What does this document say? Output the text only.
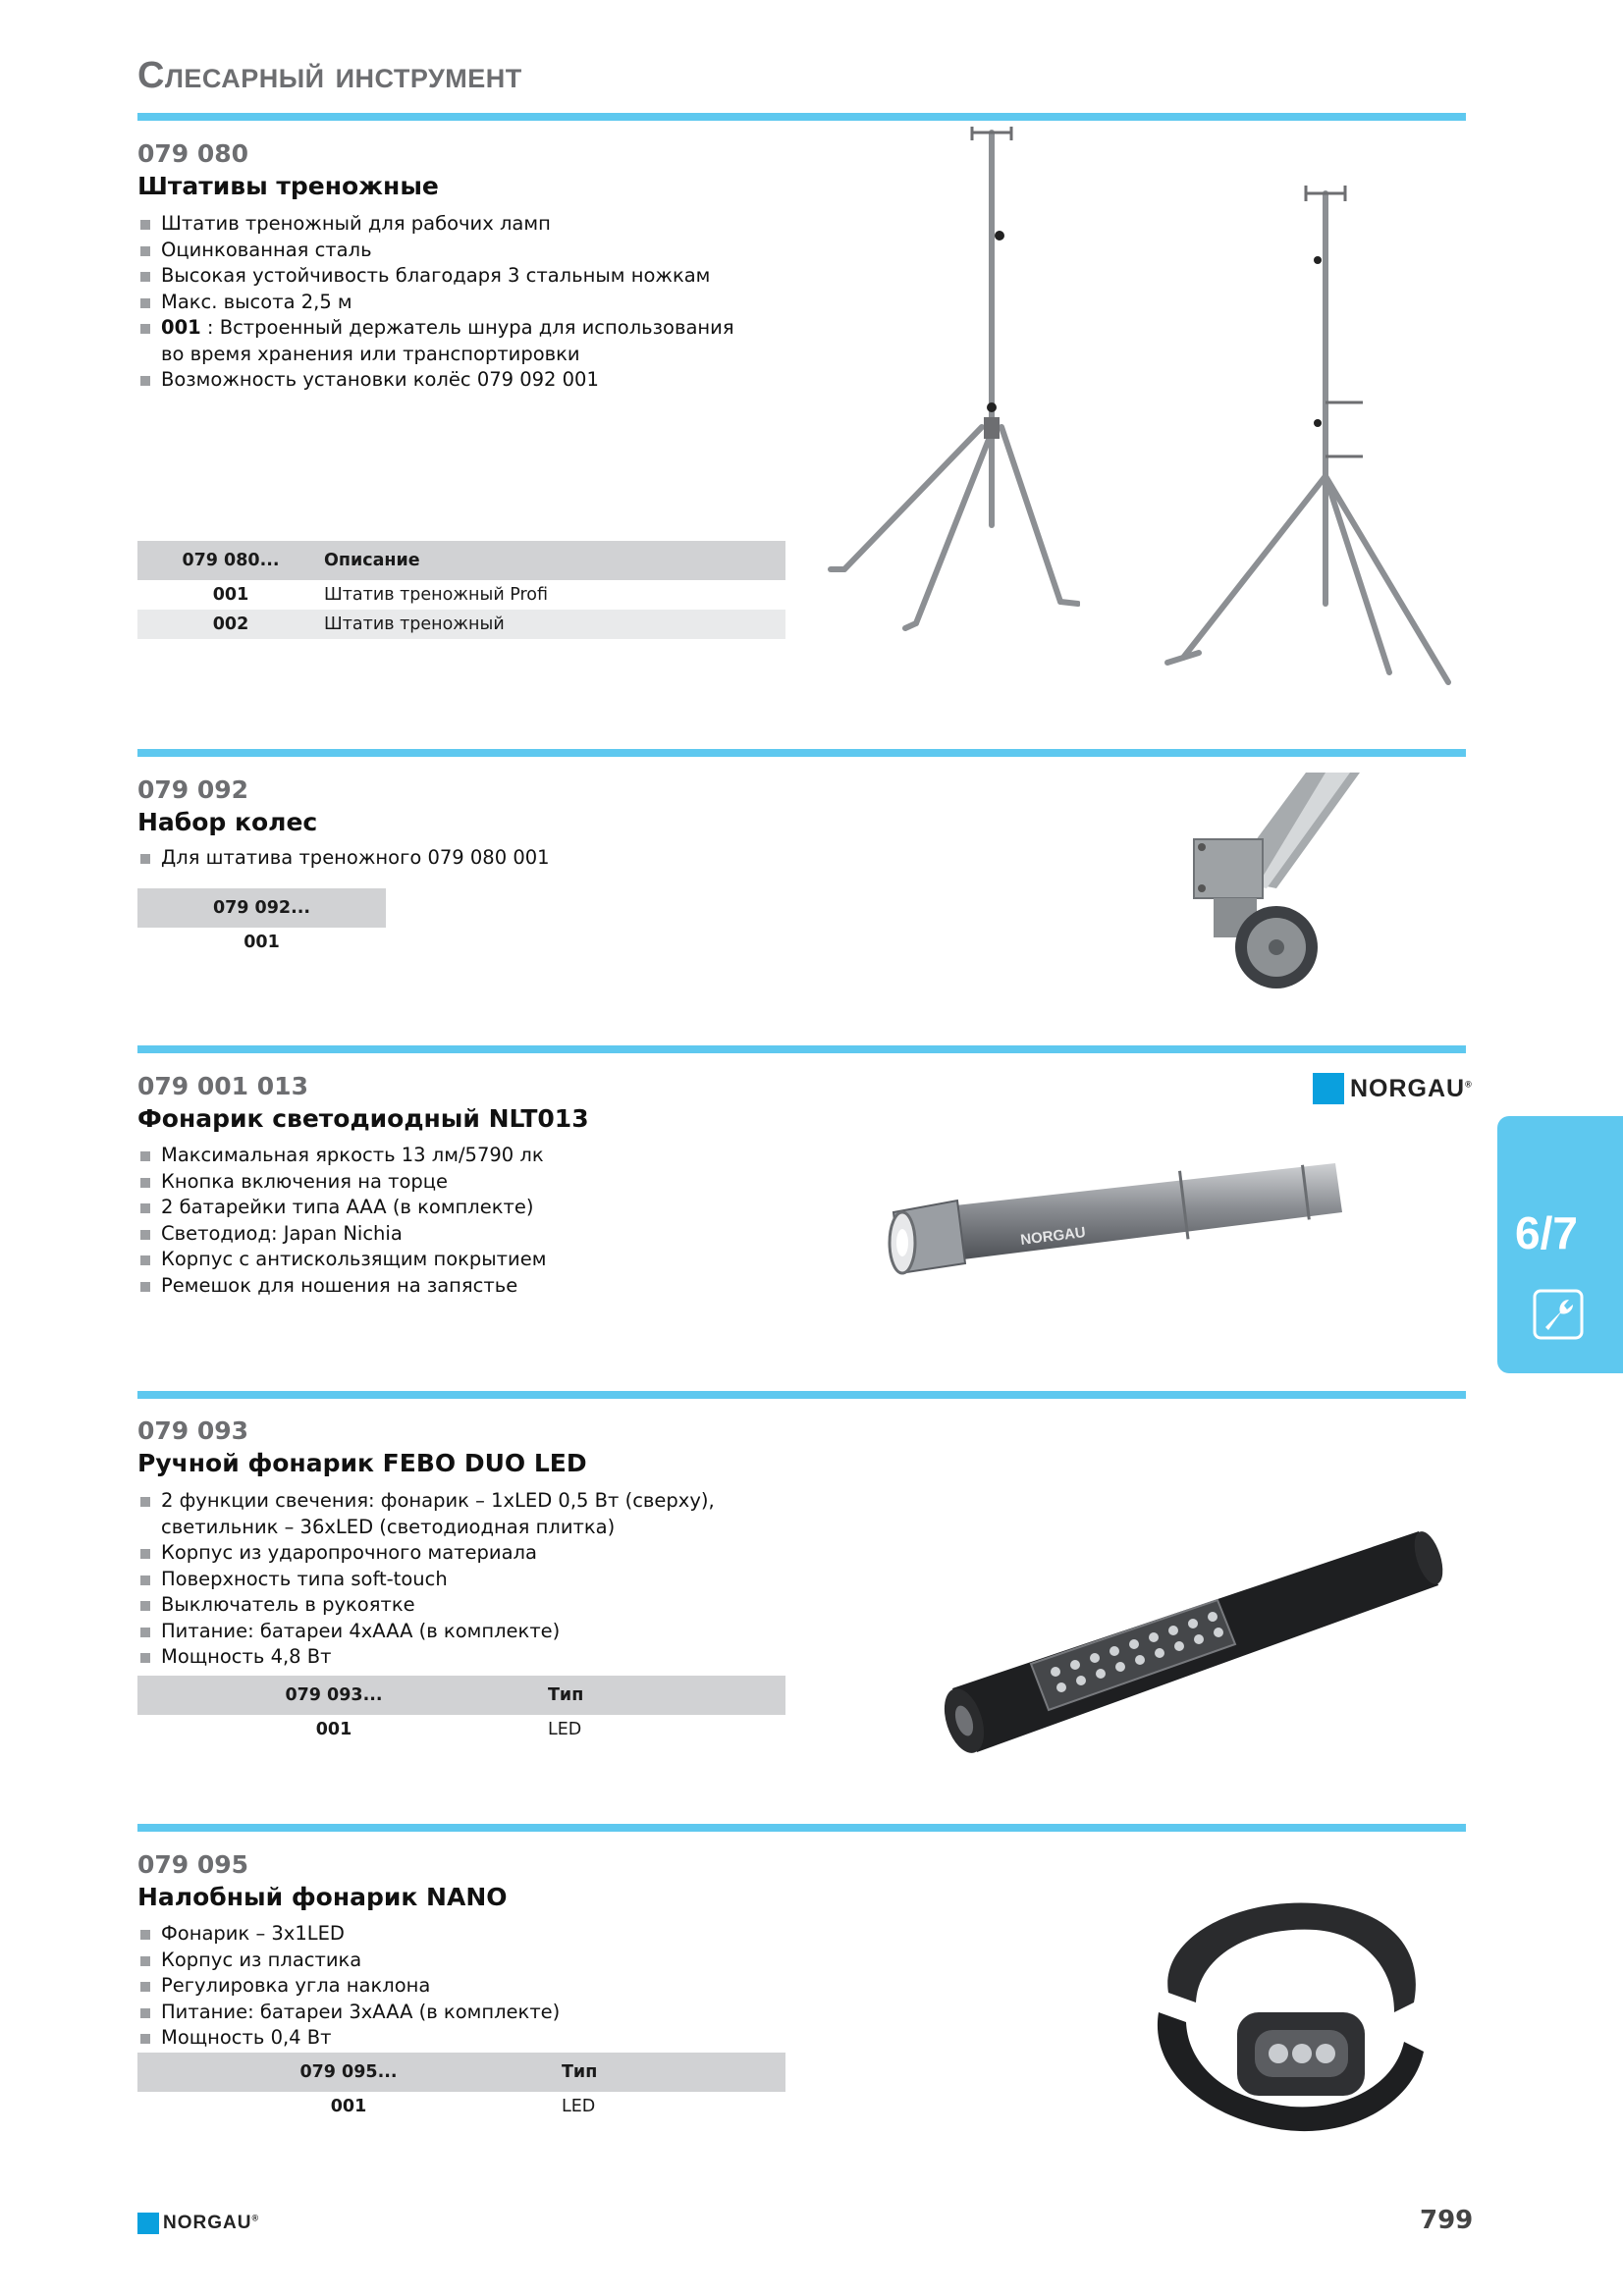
Слесарный инструмент
079 080
Штативы треножные
Штатив треножный для рабочих ламп
Оцинкованная сталь
Высокая устойчивость благодаря 3 стальным ножкам
Макс. высота 2,5 м
001 : Встроенный держатель шнура для использования во время хранения или транспортировки
Возможность установки колёс 079 092 001
079 080...	Описание
001	Штатив треножный Profi
002	Штатив треножный
079 092
Набор колес
Для штатива треножного 079 080 001
079 092...
001
079 001 013
Фонарик светодиодный NLT013
NORGAU®
Максимальная яркость 13 лм/5790 лк
Кнопка включения на торце
2 батарейки типа AAA (в комплекте)
Светодиод: Japan Nichia
Корпус с антискользящим покрытием
Ремешок для ношения на запястье
NORGAU
079 093
Ручной фонарик FEBO DUO LED
2 функции свечения: фонарик – 1xLED 0,5 Вт (сверху), светильник – 36xLED (светодиодная плитка)
Корпус из ударопрочного материала
Поверхность типа soft-touch
Выключатель в рукоятке
Питание: батареи 4xAAA (в комплекте)
Мощность 4,8 Вт
079 093...	Тип
001	LED
079 095
Налобный фонарик NANO
Фонарик – 3x1LED
Корпус из пластика
Регулировка угла наклона
Питание: батареи 3xAAA (в комплекте)
Мощность 0,4 Вт
079 095...	Тип
001	LED
6/7
NORGAU®	799
